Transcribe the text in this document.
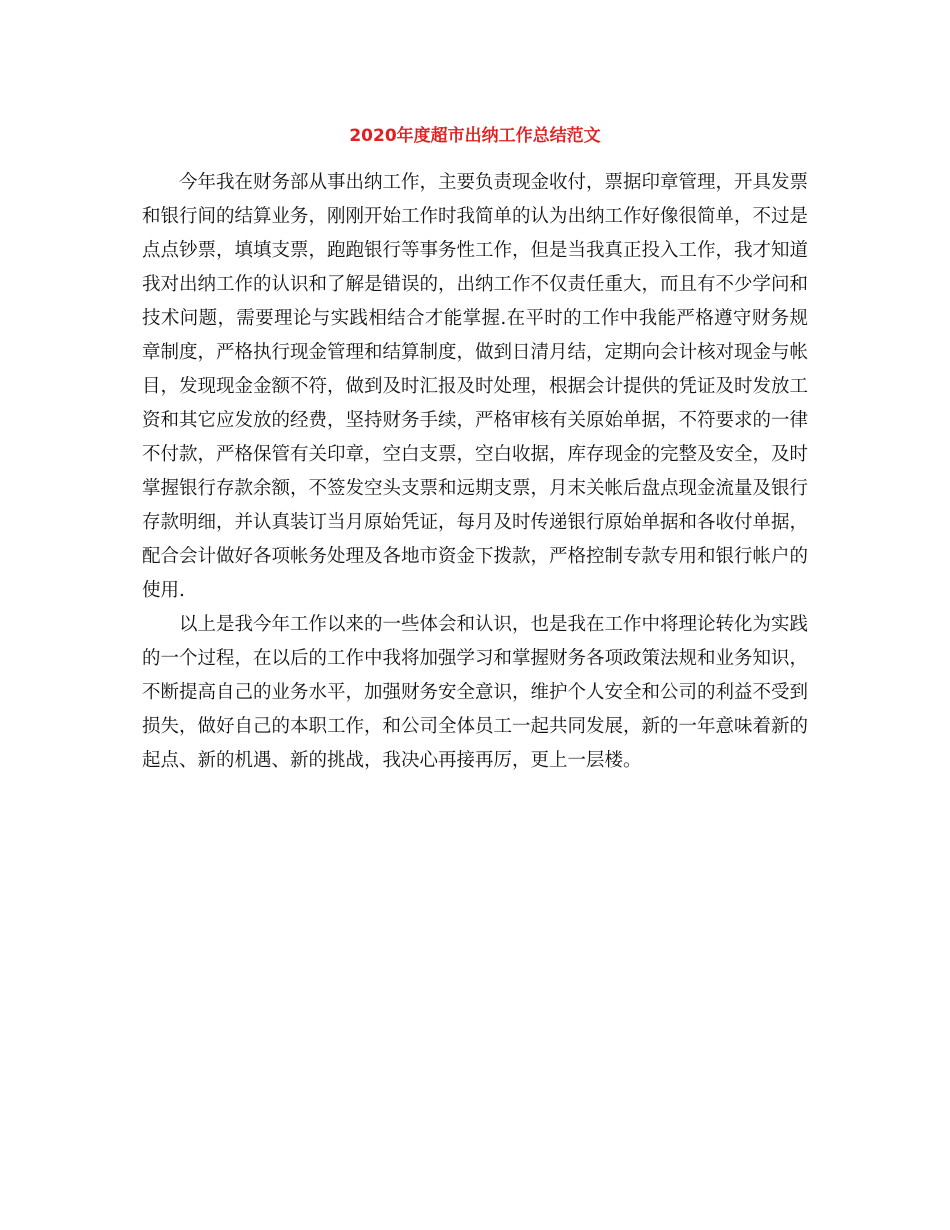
2020年度超市出纳工作总结范文

今年我在财务部从事出纳工作，主要负责现金收付，票据印章管理，开具发票和银行间的结算业务，刚刚开始工作时我简单的认为出纳工作好像很简单，不过是点点钞票，填填支票，跑跑银行等事务性工作，但是当我真正投入工作，我才知道我对出纳工作的认识和了解是错误的，出纳工作不仅责任重大，而且有不少学问和技术问题，需要理论与实践相结合才能掌握.在平时的工作中我能严格遵守财务规章制度，严格执行现金管理和结算制度，做到日清月结，定期向会计核对现金与帐目，发现现金金额不符，做到及时汇报及时处理，根据会计提供的凭证及时发放工资和其它应发放的经费，坚持财务手续，严格审核有关原始单据，不符要求的一律不付款，严格保管有关印章，空白支票，空白收据，库存现金的完整及安全，及时掌握银行存款余额，不签发空头支票和远期支票，月末关帐后盘点现金流量及银行存款明细，并认真装订当月原始凭证，每月及时传递银行原始单据和各收付单据，配合会计做好各项帐务处理及各地市资金下拨款，严格控制专款专用和银行帐户的使用.

以上是我今年工作以来的一些体会和认识，也是我在工作中将理论转化为实践的一个过程，在以后的工作中我将加强学习和掌握财务各项政策法规和业务知识，不断提高自己的业务水平，加强财务安全意识，维护个人安全和公司的利益不受到损失，做好自己的本职工作，和公司全体员工一起共同发展，新的一年意味着新的起点、新的机遇、新的挑战，我决心再接再厉，更上一层楼。
